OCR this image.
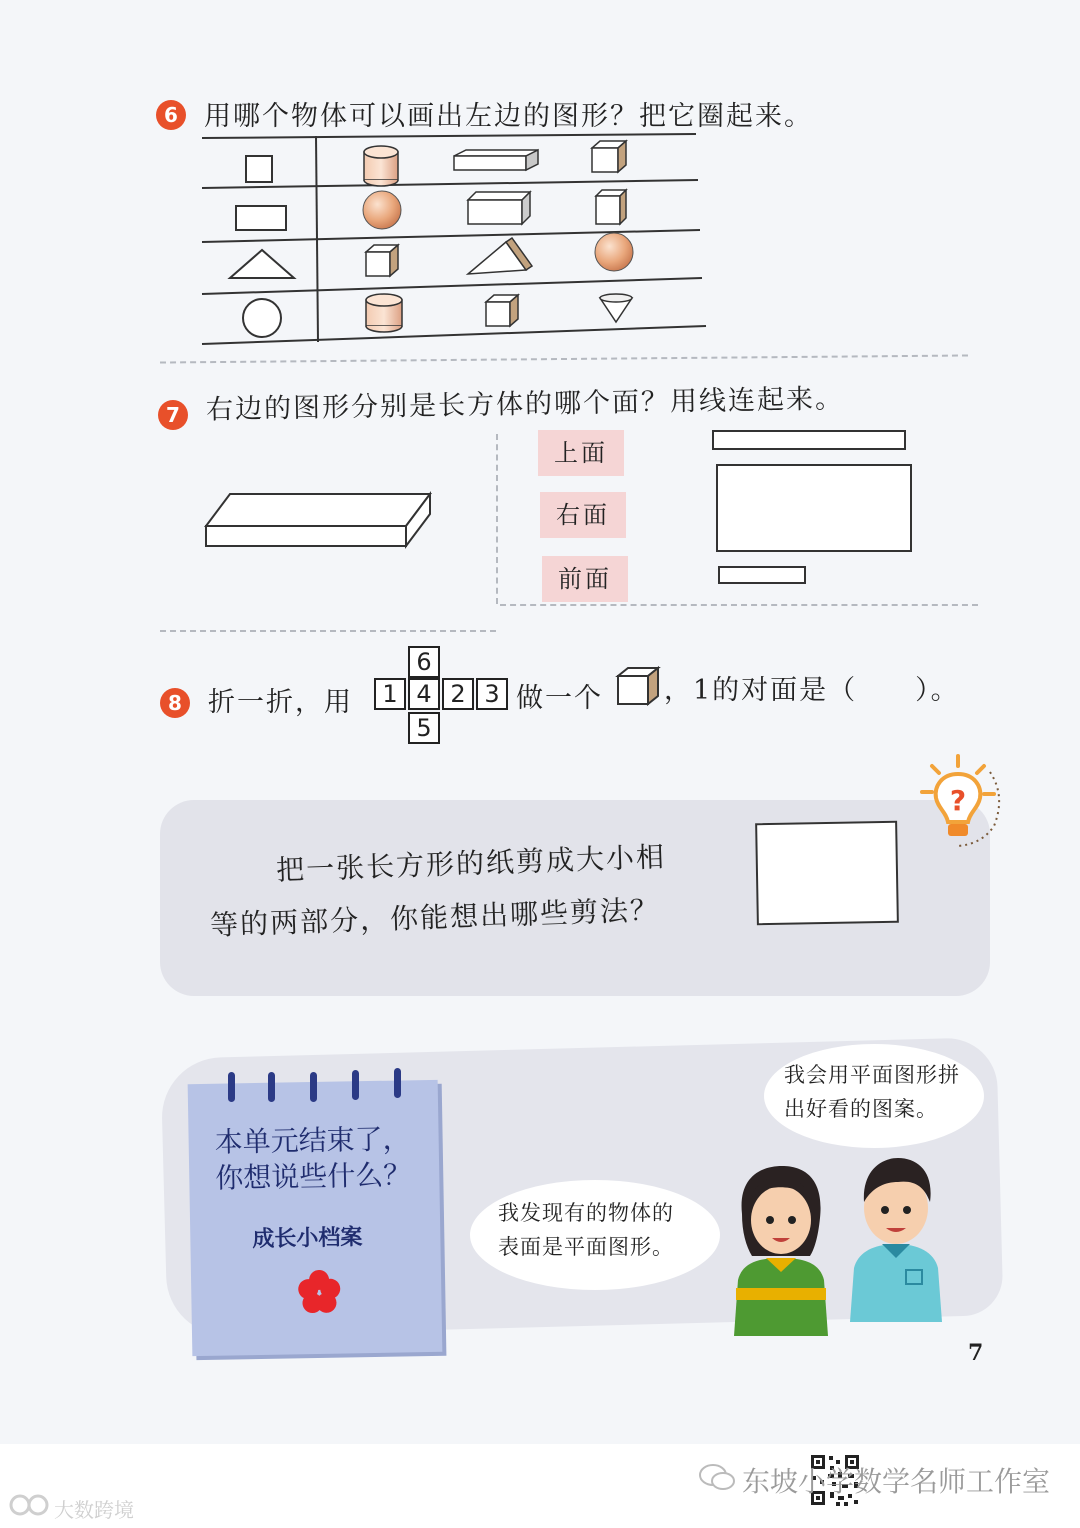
6 用哪个物体可以画出左边的图形？把它圈起来。
7 右边的图形分别是长方体的哪个面？用线连起来。
上面
右面
前面
8 折一折，用
6
1 4 2 3
5
做一个 ，1的对面是（　　）。
?
把一张长方形的纸剪成大小相
等的两部分，你能想出哪些剪法？
本单元结束了，
你想说些什么？
成长小档案
我发现有的物体的
表面是平面图形。
我会用平面图形拼
出好看的图案。
7
大数跨境
东坡小学数学名师工作室
